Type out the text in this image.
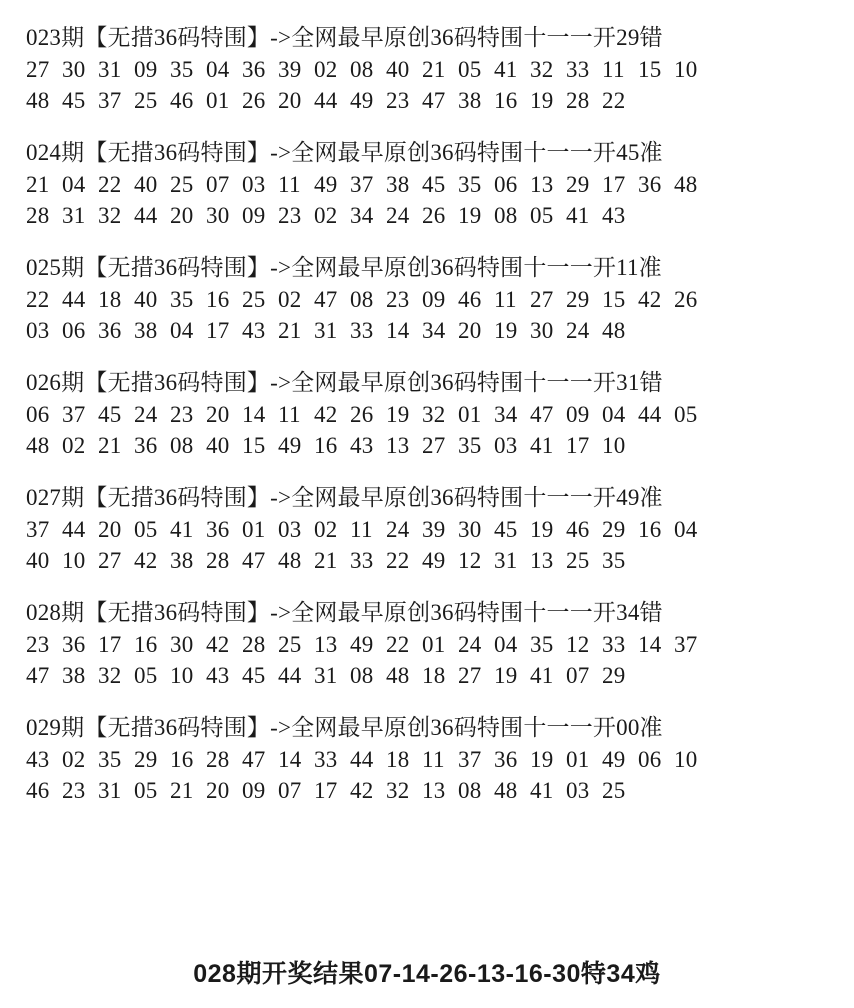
023期【无措36码特围】->全网最早原创36码特围十一一开29错
27 30 31 09 35 04 36 39 02 08 40 21 05 41 32 33 11 15 10
48 45 37 25 46 01 26 20 44 49 23 47 38 16 19 28 22
024期【无措36码特围】->全网最早原创36码特围十一一开45准
21 04 22 40 25 07 03 11 49 37 38 45 35 06 13 29 17 36 48
28 31 32 44 20 30 09 23 02 34 24 26 19 08 05 41 43
025期【无措36码特围】->全网最早原创36码特围十一一开11准
22 44 18 40 35 16 25 02 47 08 23 09 46 11 27 29 15 42 26
03 06 36 38 04 17 43 21 31 33 14 34 20 19 30 24 48
026期【无措36码特围】->全网最早原创36码特围十一一开31错
06 37 45 24 23 20 14 11 42 26 19 32 01 34 47 09 04 44 05
48 02 21 36 08 40 15 49 16 43 13 27 35 03 41 17 10
027期【无措36码特围】->全网最早原创36码特围十一一开49准
37 44 20 05 41 36 01 03 02 11 24 39 30 45 19 46 29 16 04
40 10 27 42 38 28 47 48 21 33 22 49 12 31 13 25 35
028期【无措36码特围】->全网最早原创36码特围十一一开34错
23 36 17 16 30 42 28 25 13 49 22 01 24 04 35 12 33 14 37
47 38 32 05 10 43 45 44 31 08 48 18 27 19 41 07 29
029期【无措36码特围】->全网最早原创36码特围十一一开00准
43 02 35 29 16 28 47 14 33 44 18 11 37 36 19 01 49 06 10
46 23 31 05 21 20 09 07 17 42 32 13 08 48 41 03 25
028期开奖结果07-14-26-13-16-30特34鸡
